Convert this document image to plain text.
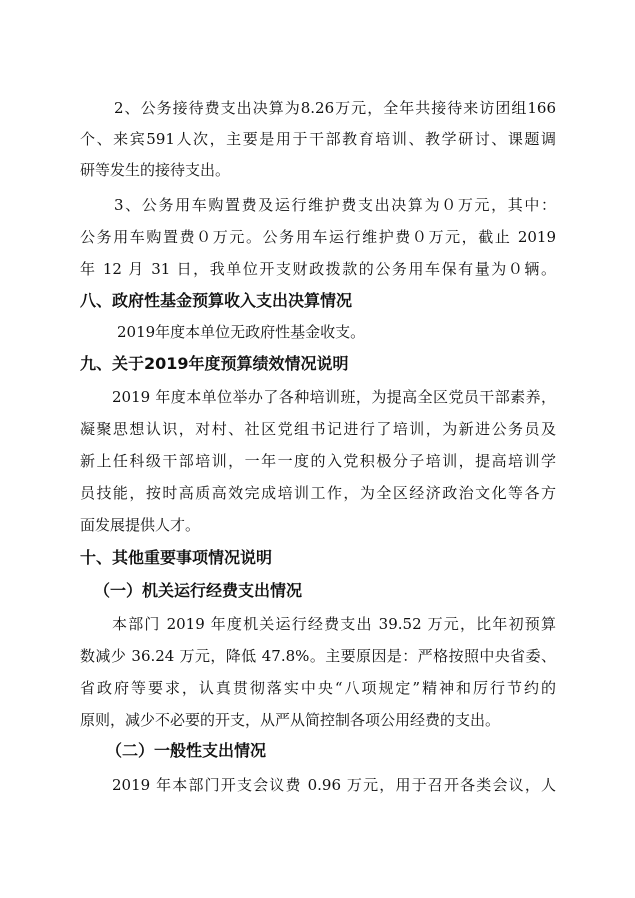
2、公务接待费支出决算为8.26万元，全年共接待来访团组166
个、来宾591人次，主要是用于干部教育培训、教学研讨、课题调
研等发生的接待支出。
3、公务用车购置费及运行维护费支出决算为０万元，其中：
公务用车购置费０万元。公务用车运行维护费０万元，截止 2019
年 12 月 31 日，我单位开支财政拨款的公务用车保有量为０辆。
八、政府性基金预算收入支出决算情况
2019年度本单位无政府性基金收支。
九、关于2019年度预算绩效情况说明
2019 年度本单位举办了各种培训班，为提高全区党员干部素养，
凝聚思想认识，对村、社区党组书记进行了培训，为新进公务员及
新上任科级干部培训，一年一度的入党积极分子培训，提高培训学
员技能，按时高质高效完成培训工作，为全区经济政治文化等各方
面发展提供人才。
十、其他重要事项情况说明
（一）机关运行经费支出情况
本部门 2019 年度机关运行经费支出 39.52 万元，比年初预算
数减少 36.24 万元，降低 47.8%。主要原因是：严格按照中央省委、
省政府等要求，认真贯彻落实中央“八项规定”精神和厉行节约的
原则，减少不必要的开支，从严从简控制各项公用经费的支出。
（二）一般性支出情况
2019 年本部门开支会议费 0.96 万元，用于召开各类会议，人
